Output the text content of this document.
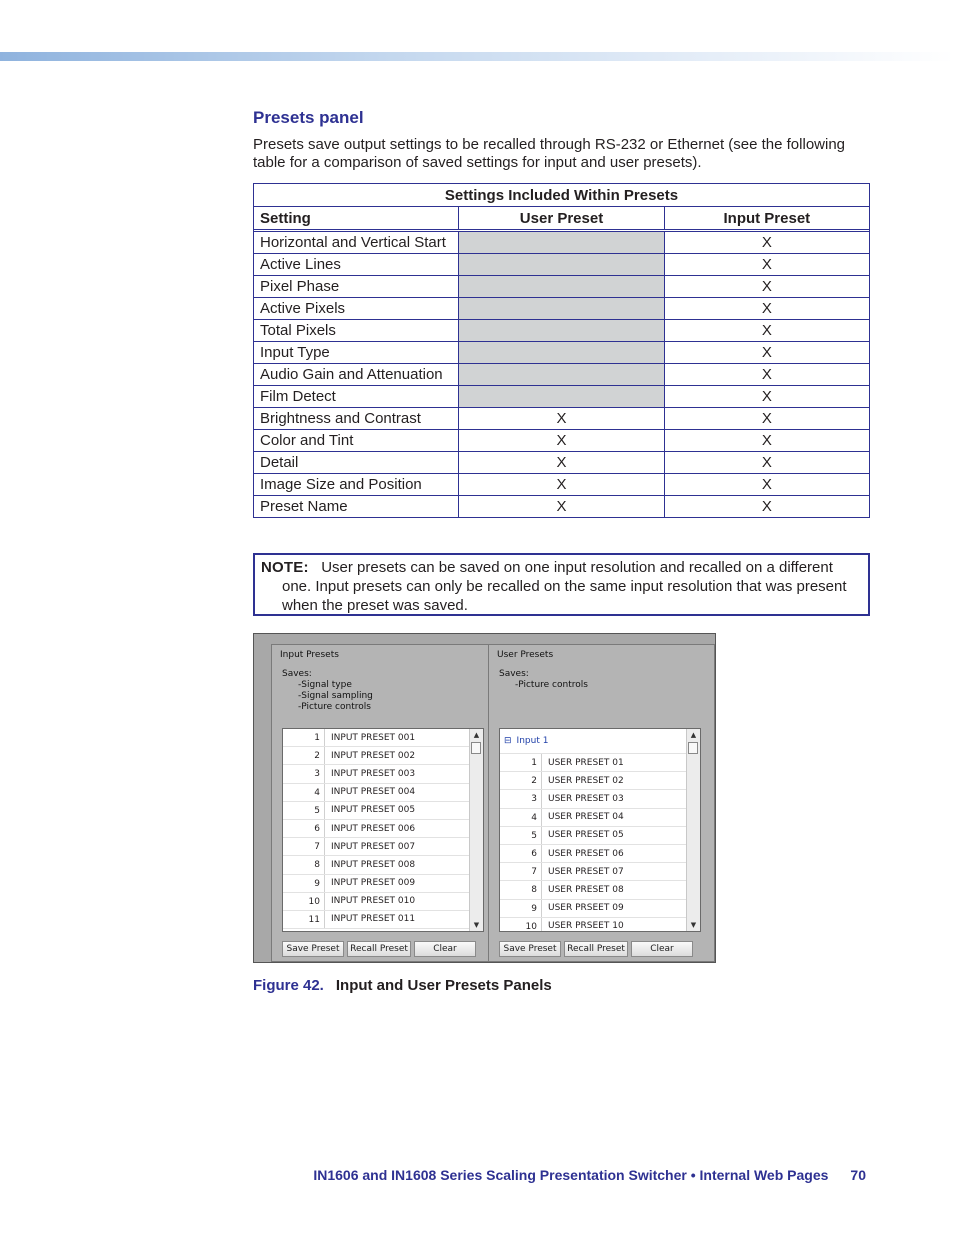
Presets panel
Presets save output settings to be recalled through RS-232 or Ethernet (see the following table for a comparison of saved settings for input and user presets).
Settings Included Within Presets		
Setting	User Preset	Input Preset

Horizontal and Vertical Start		X
Active Lines		X
Pixel Phase		X
Active Pixels		X
Total Pixels		X
Input Type		X
Audio Gain and Attenuation		X
Film Detect		X
Brightness and Contrast	X	X
Color and Tint	X	X
Detail	X	X
Image Size and Position	X	X
Preset Name	X	X
NOTE: User presets can be saved on one input resolution and recalled on a different one. Input presets can only be recalled on the same input resolution that was present when the preset was saved.
Input Presets
Saves:
-Signal type
-Signal sampling
-Picture controls
1	INPUT PRESET 001
2	INPUT PRESET 002
3	INPUT PRESET 003
4	INPUT PRESET 004
5	INPUT PRESET 005
6	INPUT PRESET 006
7	INPUT PRESET 007
8	INPUT PRESET 008
9	INPUT PRESET 009
10	INPUT PRESET 010
11	INPUT PRESET 011
▲
▼
Save Preset	Recall Preset	Clear
User Presets
Saves:
-Picture controls
⊟ Input 1
1	USER PRESET 01
2	USER PRESET 02
3	USER PRESET 03
4	USER PRESET 04
5	USER PRESET 05
6	USER PRESET 06
7	USER PRESET 07
8	USER PRESET 08
9	USER PRSEET 09
10	USER PRSEET 10
▲
▼
Save Preset	Recall Preset	Clear
Figure 42. Input and User Presets Panels
IN1606 and IN1608 Series Scaling Presentation Switcher • Internal Web Pages 70
